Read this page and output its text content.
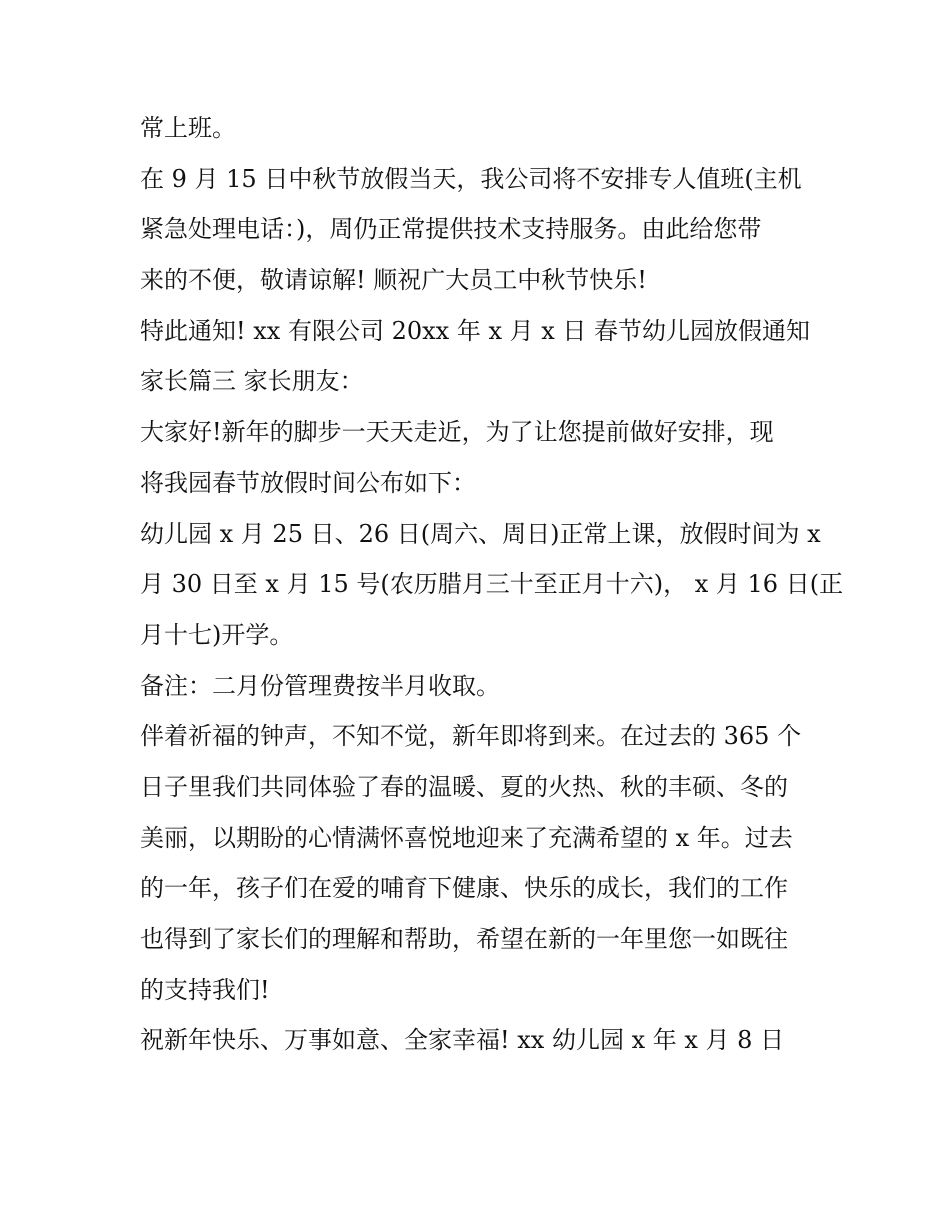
常上班。
在 9 月 15 日中秋节放假当天，我公司将不安排专人值班(主机
紧急处理电话：)，周仍正常提供技术支持服务。由此给您带
来的不便，敬请谅解! 顺祝广大员工中秋节快乐!
特此通知! xx 有限公司 20xx 年 x 月 x 日 春节幼儿园放假通知
家长篇三 家长朋友：
大家好!新年的脚步一天天走近，为了让您提前做好安排，现
将我园春节放假时间公布如下：
幼儿园 x 月 25 日、26 日(周六、周日)正常上课，放假时间为 x
月 30 日至 x 月 15 号(农历腊月三十至正月十六)， x 月 16 日(正
月十七)开学。
备注：二月份管理费按半月收取。
伴着祈福的钟声，不知不觉，新年即将到来。在过去的 365 个
日子里我们共同体验了春的温暖、夏的火热、秋的丰硕、冬的
美丽，以期盼的心情满怀喜悦地迎来了充满希望的 x 年。过去
的一年，孩子们在爱的哺育下健康、快乐的成长，我们的工作
也得到了家长们的理解和帮助，希望在新的一年里您一如既往
的支持我们!
祝新年快乐、万事如意、全家幸福! xx 幼儿园 x 年 x 月 8 日
